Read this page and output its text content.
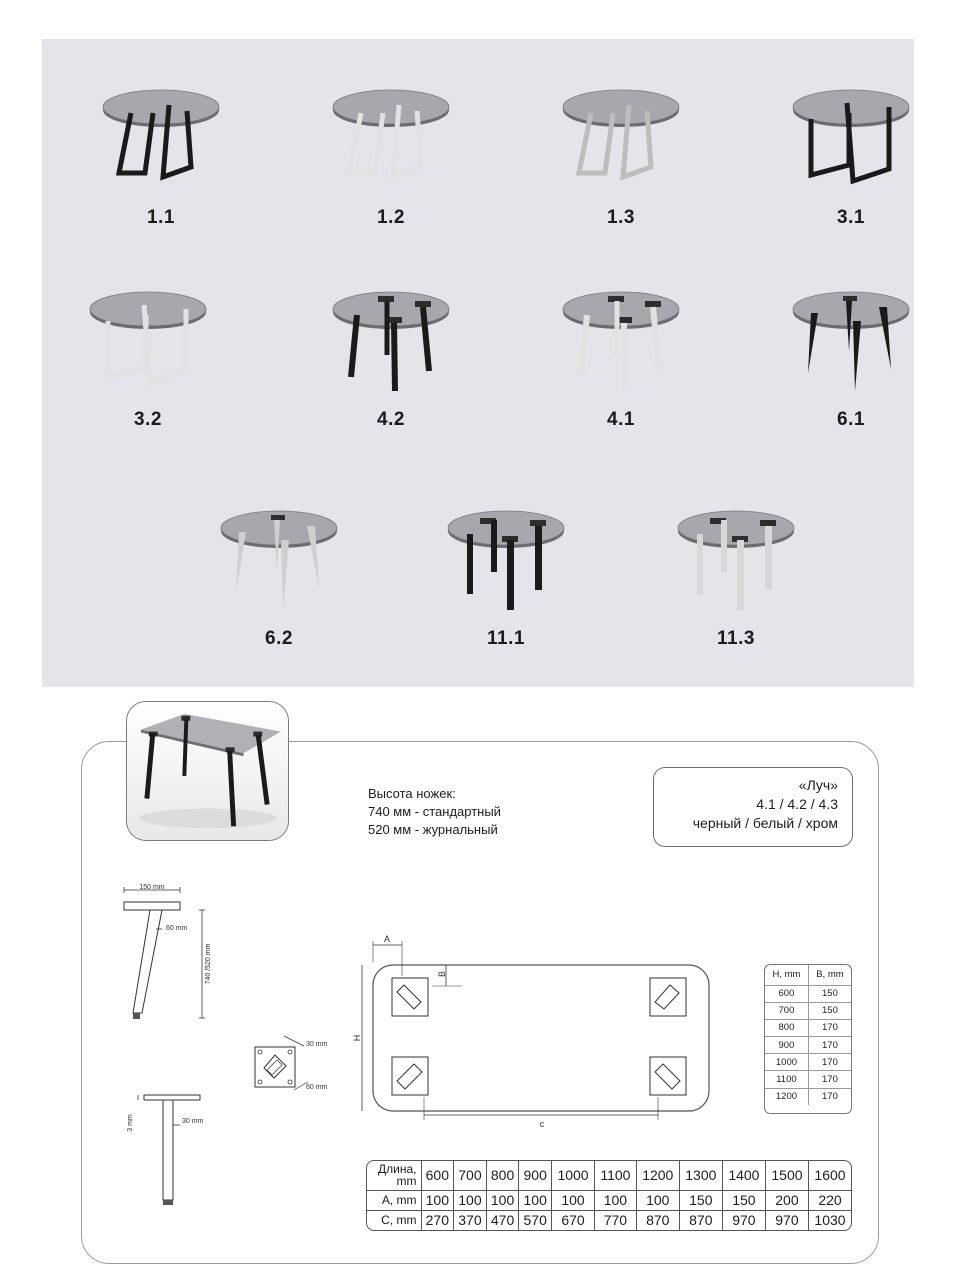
1.1	1.2	1.3	3.1
3.2	4.2	4.1	6.1
6.2	11.1	11.3
Высота ножек:
740 мм - стандартный
520 мм - журнальный
«Луч»
4.1 / 4.2 / 4.3
черный / белый / хром
150 mm
60 mm
740 /520 mm
30 mm
60 mm
3 mm	30 mm
A
B
H
c
H, mm	B, mm
600	150
700	150
800	170
900	170
1000	170
1100	170
1200	170
Длина, mm	600	700	800	900	1000	1100	1200	1300	1400	1500	1600
A, mm	100	100	100	100	100	100	100	150	150	200	220
C, mm	270	370	470	570	670	770	870	870	970	970	1030
